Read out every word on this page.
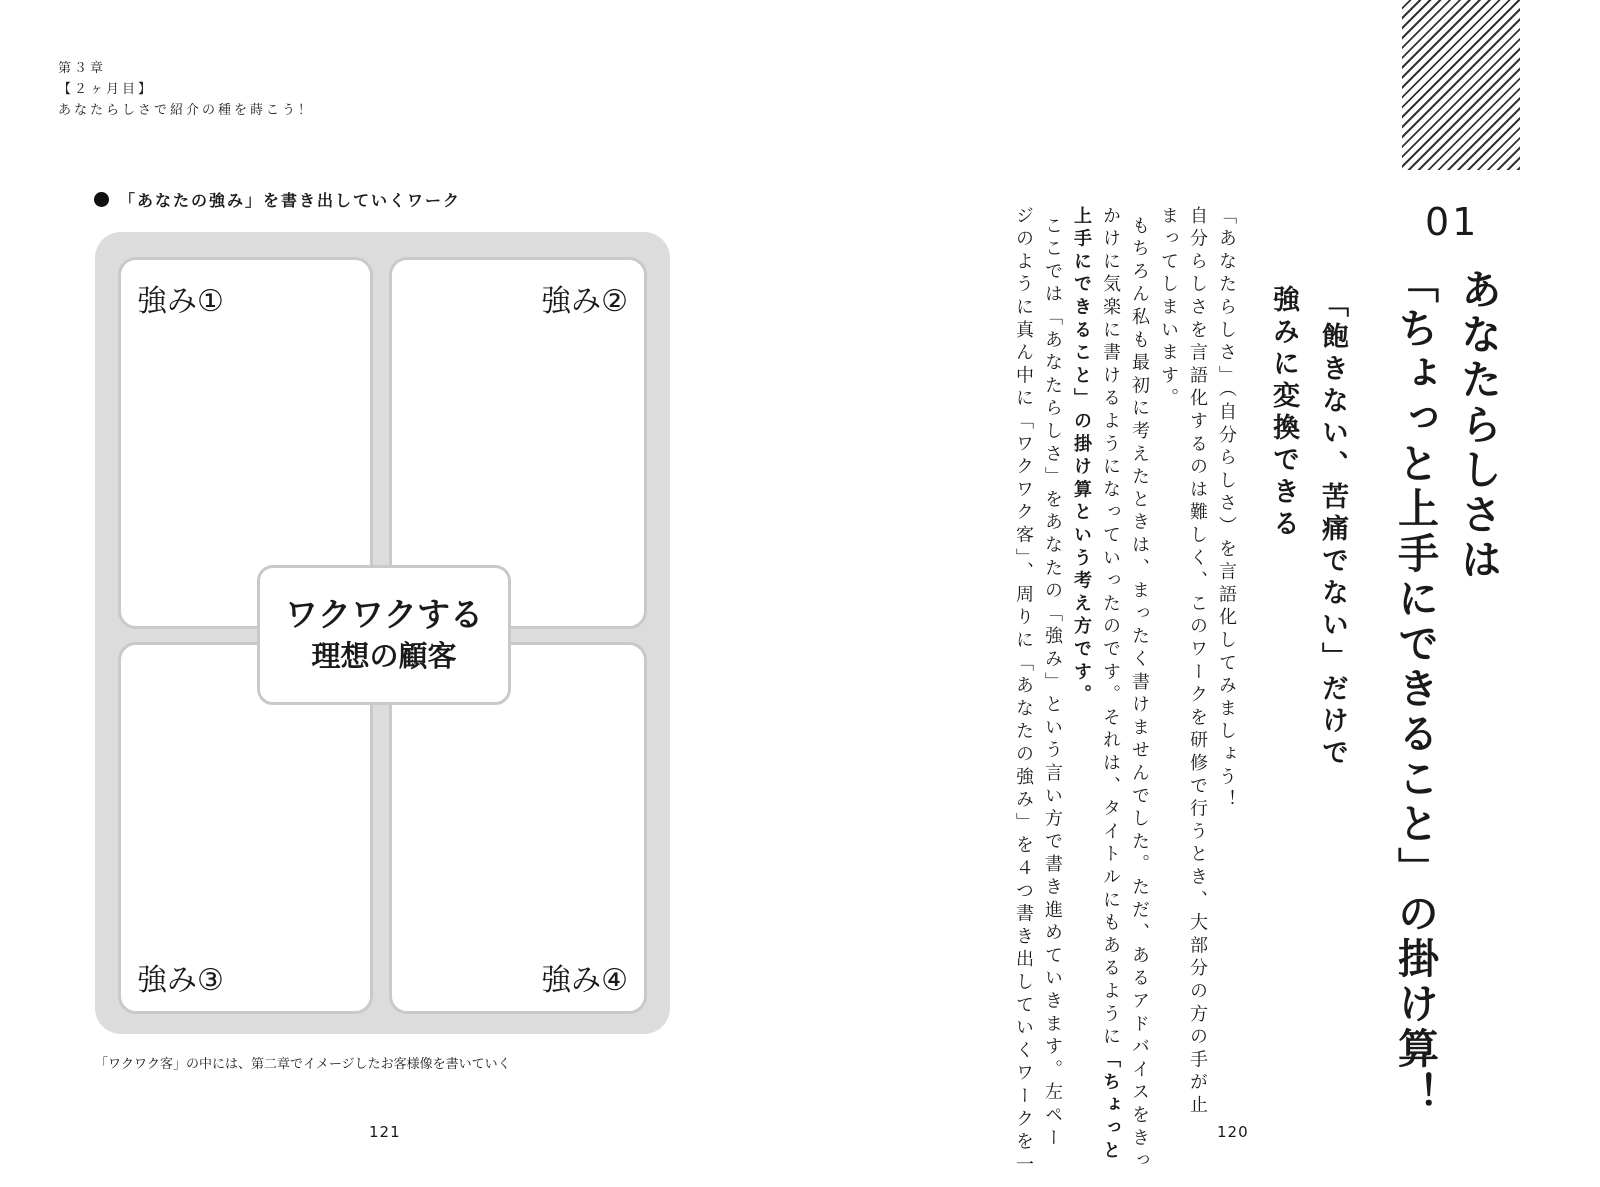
第３章
【２ヶ月目】
あなたらしさで紹介の種を蒔こう！
「あなたの強み」を書き出していくワーク
強み①	強み②
強み③	強み④
ワクワクする
理想の顧客
「ワクワク客」の中には、第二章でイメージしたお客様像を書いていく
121
01
あなたらしさは
「ちょっと上手にできること」の掛け算！
「飽きない、苦痛でない」だけで
強みに変換できる
「あなたらしさ」（自分らしさ）を言語化してみましょう！
自分らしさを言語化するのは難しく、このワークを研修で行うとき、大部分の方の手が止
まってしまいます。
もちろん私も最初に考えたときは、まったく書けませんでした。ただ、あるアドバイスをきっ
かけに気楽に書けるようになっていったのです。それは、タイトルにもあるように「ちょっと
上手にできること」の掛け算という考え方です。
ここでは「あなたらしさ」をあなたの「強み」という言い方で書き進めていきます。左ペー
ジのように真ん中に「ワクワク客」、周りに「あなたの強み」を４つ書き出していくワークを一	120
